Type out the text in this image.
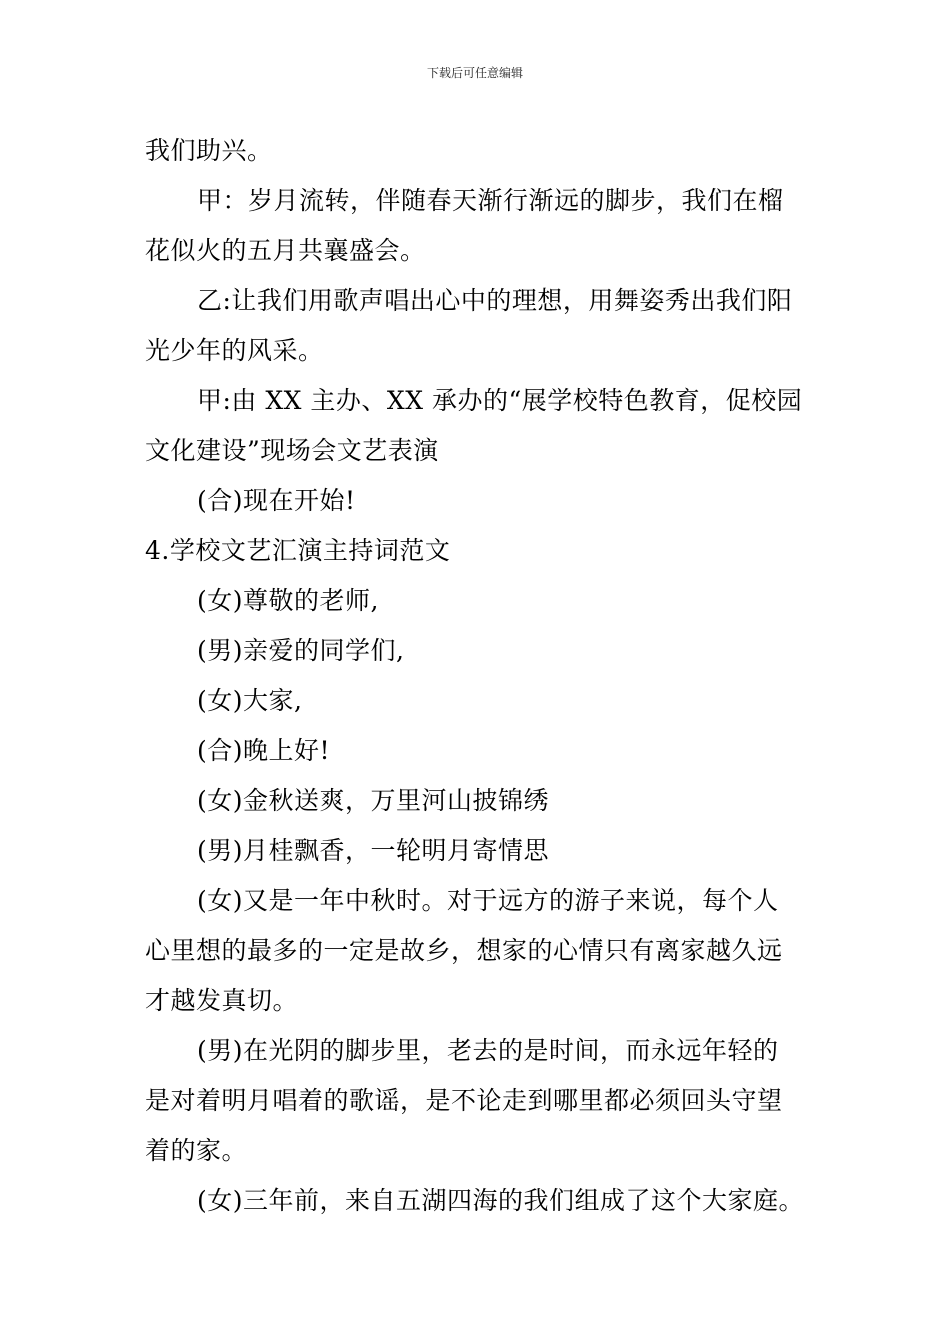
下载后可任意编辑
我们助兴。
甲：岁月流转，伴随春天渐行渐远的脚步，我们在榴
花似火的五月共襄盛会。
乙:让我们用歌声唱出心中的理想，用舞姿秀出我们阳
光少年的风采。
甲:由 XX 主办、XX 承办的“展学校特色教育，促校园
文化建设”现场会文艺表演
(合)现在开始!
4.学校文艺汇演主持词范文
(女)尊敬的老师,
(男)亲爱的同学们,
(女)大家,
(合)晚上好!
(女)金秋送爽，万里河山披锦绣
(男)月桂飘香，一轮明月寄情思
(女)又是一年中秋时。对于远方的游子来说，每个人
心里想的最多的一定是故乡，想家的心情只有离家越久远
才越发真切。
(男)在光阴的脚步里，老去的是时间，而永远年轻的
是对着明月唱着的歌谣，是不论走到哪里都必须回头守望
着的家。
(女)三年前，来自五湖四海的我们组成了这个大家庭。
